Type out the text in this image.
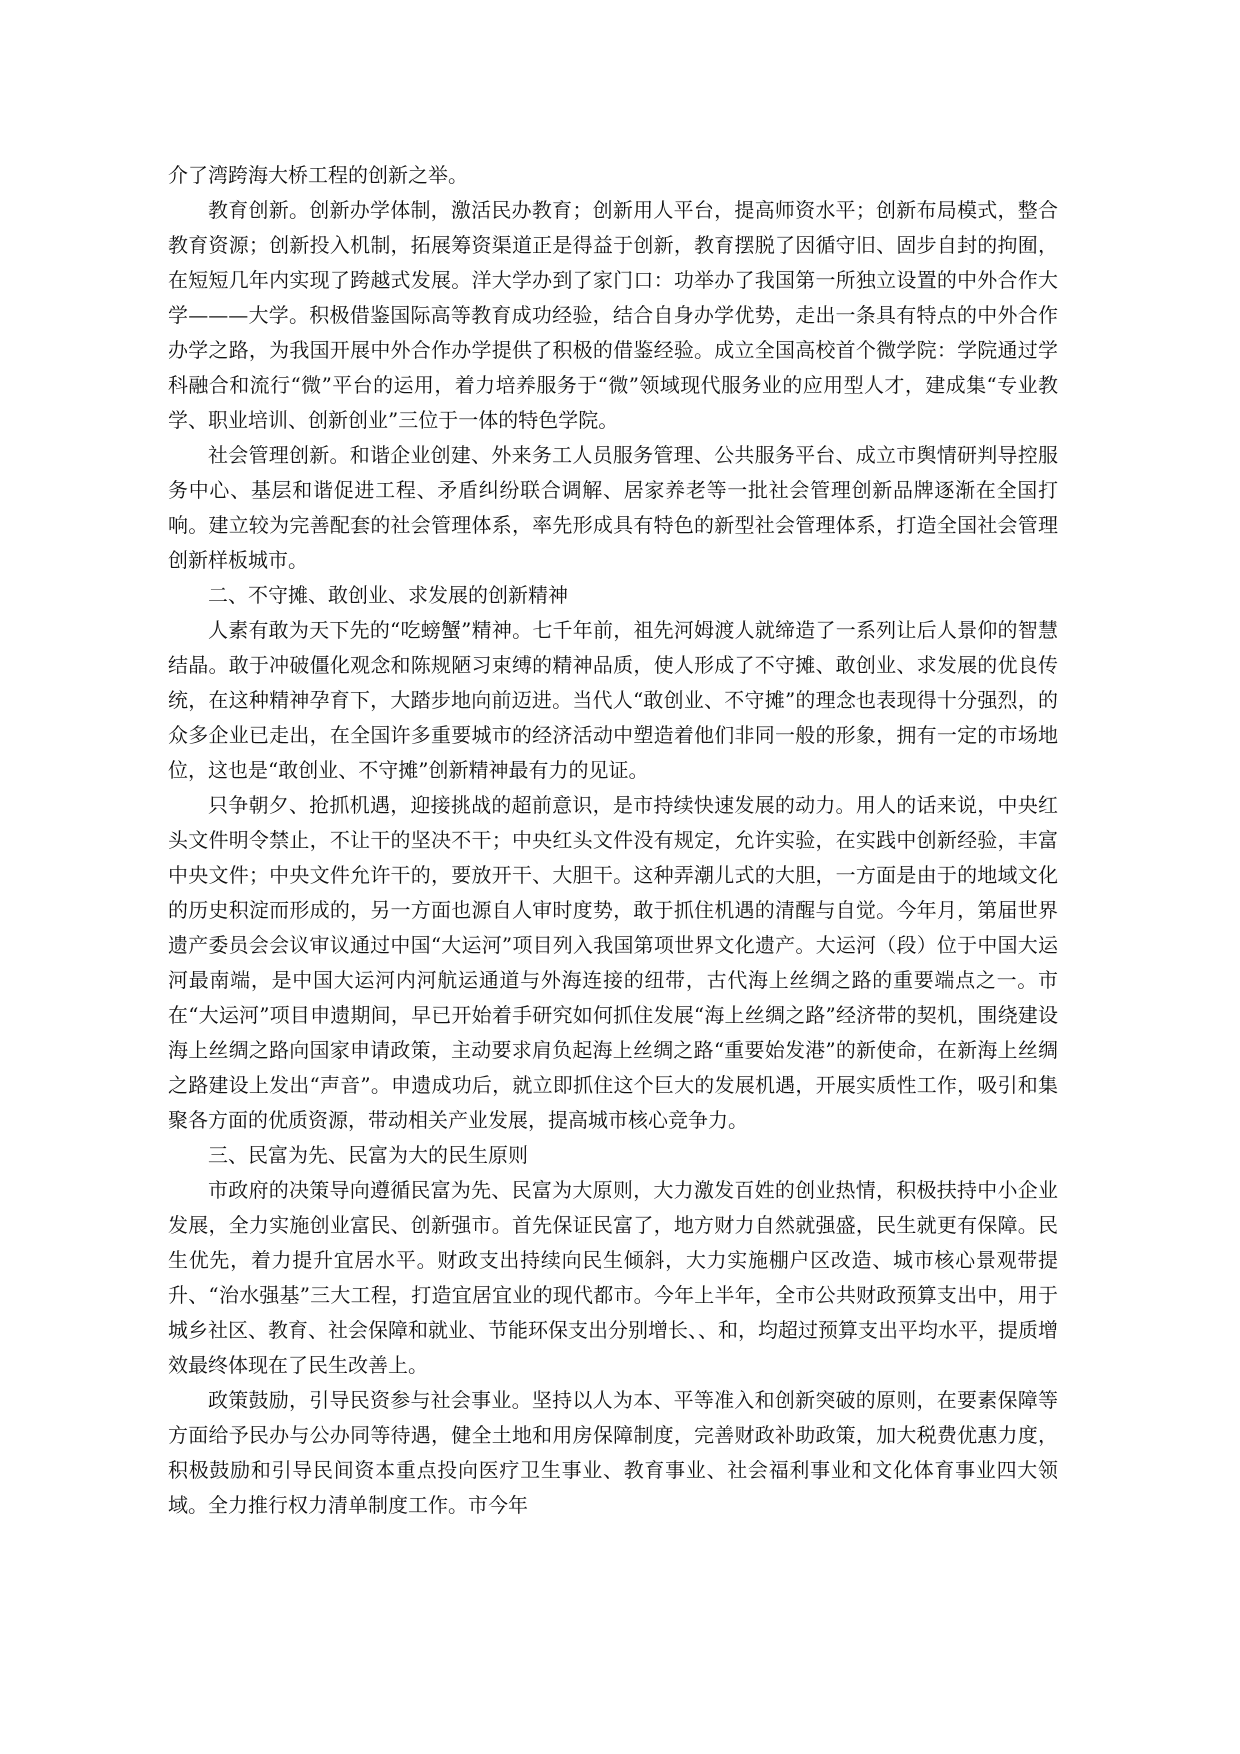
介了湾跨海大桥工程的创新之举。

教育创新。创新办学体制，激活民办教育；创新用人平台，提高师资水平；创新布局模式，整合教育资源；创新投入机制，拓展筹资渠道正是得益于创新，教育摆脱了因循守旧、固步自封的拘囿，在短短几年内实现了跨越式发展。洋大学办到了家门口：功举办了我国第一所独立设置的中外合作大学———大学。积极借鉴国际高等教育成功经验，结合自身办学优势，走出一条具有特点的中外合作办学之路，为我国开展中外合作办学提供了积极的借鉴经验。成立全国高校首个微学院：学院通过学科融合和流行“微”平台的运用，着力培养服务于“微”领域现代服务业的应用型人才，建成集“专业教学、职业培训、创新创业”三位于一体的特色学院。

社会管理创新。和谐企业创建、外来务工人员服务管理、公共服务平台、成立市舆情研判导控服务中心、基层和谐促进工程、矛盾纠纷联合调解、居家养老等一批社会管理创新品牌逐渐在全国打响。建立较为完善配套的社会管理体系，率先形成具有特色的新型社会管理体系，打造全国社会管理创新样板城市。

二、不守摊、敢创业、求发展的创新精神

人素有敢为天下先的“吃螃蟹”精神。七千年前，祖先河姆渡人就缔造了一系列让后人景仰的智慧结晶。敢于冲破僵化观念和陈规陋习束缚的精神品质，使人形成了不守摊、敢创业、求发展的优良传统，在这种精神孕育下，大踏步地向前迈进。当代人“敢创业、不守摊”的理念也表现得十分强烈，的众多企业已走出，在全国许多重要城市的经济活动中塑造着他们非同一般的形象，拥有一定的市场地位，这也是“敢创业、不守摊”创新精神最有力的见证。

只争朝夕、抢抓机遇，迎接挑战的超前意识，是市持续快速发展的动力。用人的话来说，中央红头文件明令禁止，不让干的坚决不干；中央红头文件没有规定，允许实验，在实践中创新经验，丰富中央文件；中央文件允许干的，要放开干、大胆干。这种弄潮儿式的大胆，一方面是由于的地域文化的历史积淀而形成的，另一方面也源自人审时度势，敢于抓住机遇的清醒与自觉。今年月，第届世界遗产委员会会议审议通过中国“大运河”项目列入我国第项世界文化遗产。大运河（段）位于中国大运河最南端，是中国大运河内河航运通道与外海连接的纽带，古代海上丝绸之路的重要端点之一。市在“大运河”项目申遗期间，早已开始着手研究如何抓住发展“海上丝绸之路”经济带的契机，围绕建设海上丝绸之路向国家申请政策，主动要求肩负起海上丝绸之路“重要始发港”的新使命，在新海上丝绸之路建设上发出“声音”。申遗成功后，就立即抓住这个巨大的发展机遇，开展实质性工作，吸引和集聚各方面的优质资源，带动相关产业发展，提高城市核心竞争力。

三、民富为先、民富为大的民生原则

市政府的决策导向遵循民富为先、民富为大原则，大力激发百姓的创业热情，积极扶持中小企业发展，全力实施创业富民、创新强市。首先保证民富了，地方财力自然就强盛，民生就更有保障。民生优先，着力提升宜居水平。财政支出持续向民生倾斜，大力实施棚户区改造、城市核心景观带提升、“治水强基”三大工程，打造宜居宜业的现代都市。今年上半年，全市公共财政预算支出中，用于城乡社区、教育、社会保障和就业、节能环保支出分别增长、、和，均超过预算支出平均水平，提质增效最终体现在了民生改善上。

政策鼓励，引导民资参与社会事业。坚持以人为本、平等准入和创新突破的原则，在要素保障等方面给予民办与公办同等待遇，健全土地和用房保障制度，完善财政补助政策，加大税费优惠力度，积极鼓励和引导民间资本重点投向医疗卫生事业、教育事业、社会福利事业和文化体育事业四大领域。全力推行权力清单制度工作。市今年
